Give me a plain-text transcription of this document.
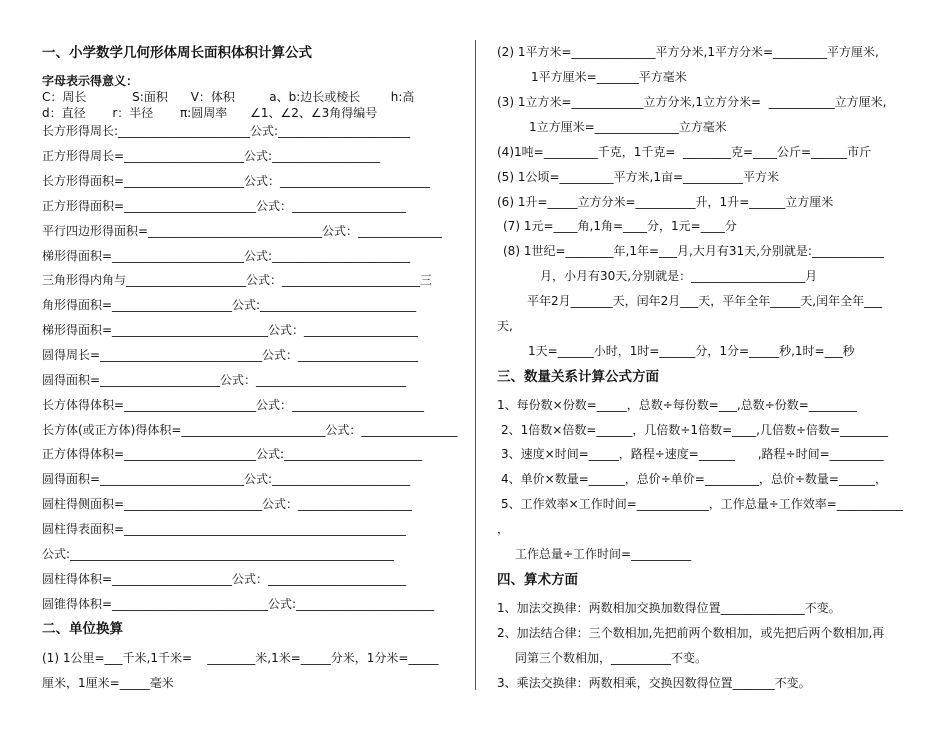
一、小学数学几何形体周长面积体积计算公式
字母表示得意义：
C：周长            S:面积      V：体积         a、b:边长或棱长        h:高
d：直径       r：半径       π:圆周率      ∠1、∠2、∠3角得编号
长方形得周长:______________________公式:______________________
正方形得周长=____________________公式:__________________
长方形得面积=____________________公式：_________________________
正方形得面积=______________________公式：___________________
平行四边形得面积=_____________________________公式：______________
梯形得面积=______________________公式:_______________________
三角形得内角与____________________公式：_______________________三
角形得面积=____________________公式:__________________________
梯形得面积=__________________________公式：___________________
圆得周长=___________________________公式：____________________
圆得面积=____________________公式：_________________________
长方体得体积=______________________公式：______________________
长方体(或正方体)得体积=________________________公式：________________
正方体得体积=______________________公式:_______________________
圆得面积=________________________公式:_______________________
圆柱得侧面积=_______________________公式：___________________
圆柱得表面积=_______________________________________________
公式:______________________________________________________
圆柱得体积=____________________公式：_______________________
圆锥得体积=__________________________公式:_______________________
二、单位换算
(1) 1公里=___千米,1千米=    ________米,1米=_____分米，1分米=_____
厘米，1厘米=_____毫米
(2) 1平方米=______________平方分米,1平方分米=_________平方厘米,
1平方厘米=_______平方毫米
(3) 1立方米=____________立方分米,1立方分米=  ___________立方厘米,
1立方厘米=______________立方毫米
(4)1吨=_________千克，1千克=  ________克=____公斤=______市斤
(5) 1公顷=_________平方米,1亩=__________平方米
(6) 1升=_____立方分米=__________升，1升=______立方厘米
(7) 1元=____角,1角=____分，1元=____分
(8) 1世纪=________年,1年=___月,大月有31天,分别就是:____________
月，小月有30天,分别就是：___________________月
平年2月_______天，闰年2月___天，平年全年_____天,闰年全年___
天,
1天=______小时，1时=______分，1分=_____秒,1时=___秒
三、数量关系计算公式方面
1、每份数×份数=_____，总数÷每份数=___,总数÷份数=________
2、1倍数×倍数=______，几倍数÷1倍数=____,几倍数÷倍数=________
3、速度×时间=_____，路程÷速度=______      ,路程÷时间=_________
4、单价×数量=______，总价÷单价=_________，总价÷数量=______，
5、工作效率×工作时间=____________，工作总量÷工作效率=___________
，
工作总量÷工作时间=__________
四、算术方面
1、加法交换律：两数相加交换加数得位置______________不变。
2、加法结合律：三个数相加,先把前两个数相加，或先把后两个数相加,再
同第三个数相加，__________不变。
3、乘法交换律：两数相乘，交换因数得位置_______不变。
